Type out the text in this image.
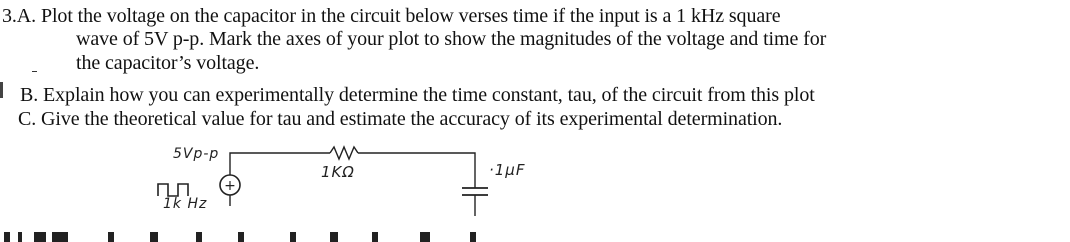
3.A. Plot the voltage on the capacitor in the circuit below verses time if the input is a 1 kHz square
wave of 5V p-p. Mark the axes of your plot to show the magnitudes of the voltage and time for
the capacitor’s voltage.
B. Explain how you can experimentally determine the time constant, tau, of the circuit from this plot
C. Give the theoretical value for tau and estimate the accuracy of its experimental determination.
5Vp-p
1KΩ	·1μF
1k Hz
+
